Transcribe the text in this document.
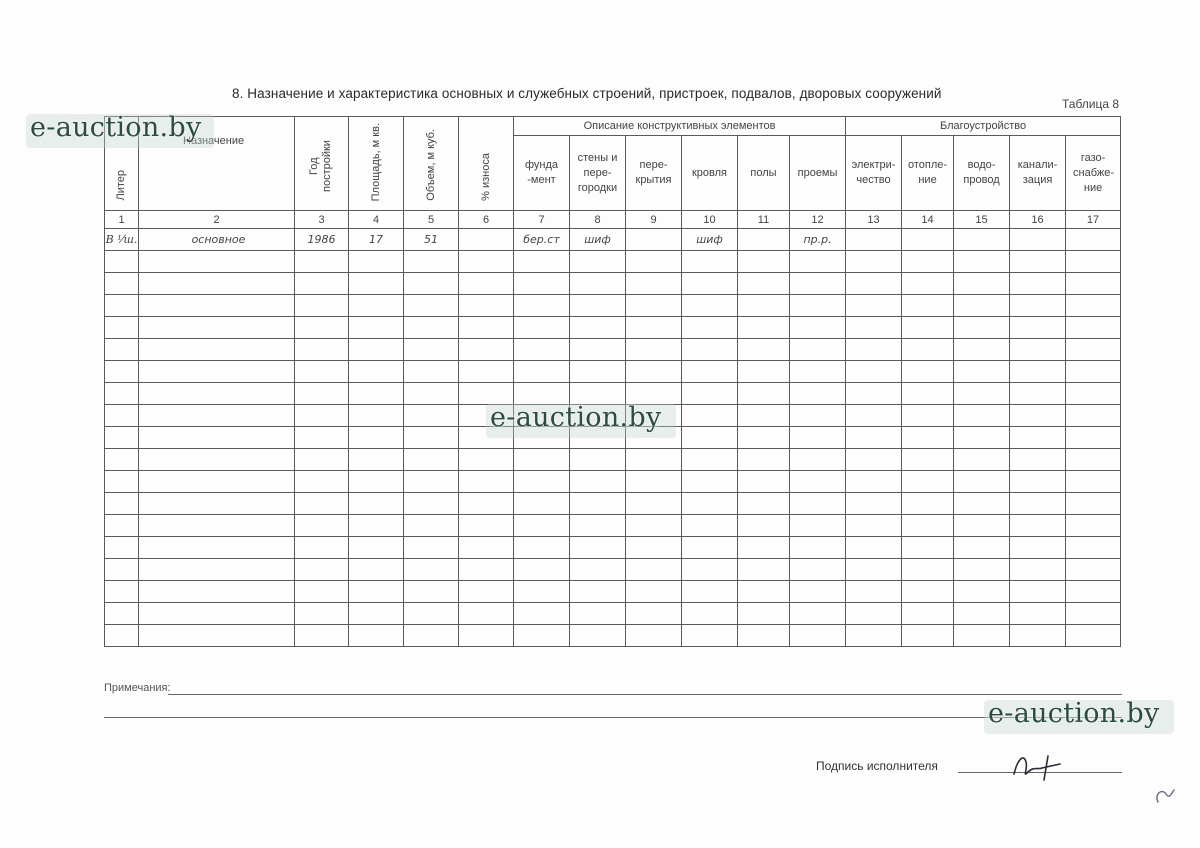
8. Назначение и характеристика основных и служебных строений, пристроек, подвалов, дворовых сооружений
Таблица 8
Литер	Назначение	Год постройки	Площадь, м кв.	Объем, м куб.	% износа	Описание конструктивных элементов						Благоустройство				
						фунда-мент	стены и пере-городки	пере-крытия	кровля	полы	проемы	электри-чество	отопле-ние	водо-провод	канали-зация	газо-снабже-ние
1	2	3	4	5	6	7	8	9	10	11	12	13	14	15	16	17
В ¹⁄ш.	основное	1986	17	51		бер.ст	шиф		шиф		пр.р.					

Примечания:
Подпись исполнителя
e-auction.by
e-auction.by
e-auction.by
